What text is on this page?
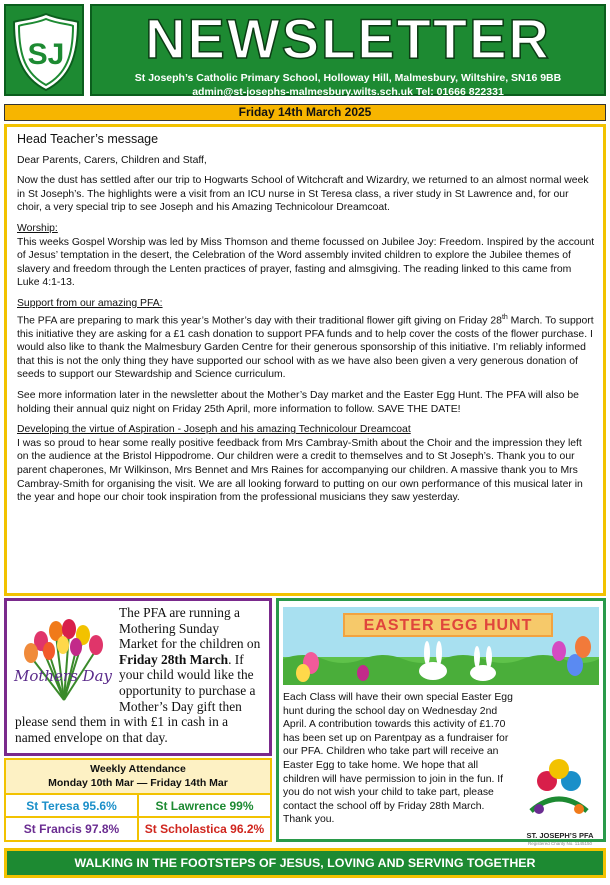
SJ	NEWSLETTER
St Joseph’s Catholic Primary School, Holloway Hill, Malmesbury, Wiltshire, SN16 9BB
admin@st-josephs-malmesbury.wilts.sch.uk Tel: 01666 822331
Friday 14th March 2025

Head Teacher’s message

Dear Parents, Carers, Children and Staff,

Now the dust has settled after our trip to Hogwarts School of Witchcraft and Wizardry, we returned to an almost normal week in St Joseph’s. The highlights were a visit from an ICU nurse in St Teresa class, a river study in St Lawrence and, for our choir, a very special trip to see Joseph and his Amazing Technicolour Dreamcoat.

Worship:

This weeks Gospel Worship was led by Miss Thomson and theme focussed on Jubilee Joy: Freedom. Inspired by the account of Jesus’ temptation in the desert, the Celebration of the Word assembly invited children to explore the Jubilee themes of slavery and freedom through the Lenten practices of prayer, fasting and almsgiving. The reading linked to this came from Luke 4:1-13.

Support from our amazing PFA:

The PFA are preparing to mark this year’s Mother’s day with their traditional flower gift giving on Friday 28th March. To support this initiative they are asking for a £1 cash donation to support PFA funds and to help cover the costs of the flower purchase. I would also like to thank the Malmesbury Garden Centre for their generous sponsorship of this initiative. I’m reliably informed that this is not the only thing they have supported our school with as we have also been given a very generous donation of seeds to support our Stewardship and Science curriculum.

See more information later in the newsletter about the Mother’s Day market and the Easter Egg Hunt. The PFA will also be holding their annual quiz night on Friday 25th April, more information to follow. SAVE THE DATE!

Developing the virtue of Aspiration - Joseph and his amazing Technicolour Dreamcoat

I was so proud to hear some really positive feedback from Mrs Cambray-Smith about the Choir and the impression they left on the audience at the Bristol Hippodrome. Our children were a credit to themselves and to St Joseph’s. Thank you to our parent chaperones, Mr Wilkinson, Mrs Bennet and Mrs Raines for accompanying our children. A massive thank you to Mrs Cambray-Smith for organising the visit. We are all looking forward to putting on our own performance of this musical later in the year and hope our choir took inspiration from the professional musicians they saw yesterday.

Mothers Day
The PFA are running a Mothering Sunday Market for the children on Friday 28th March. If your child would like the opportunity to purchase a Mother’s Day gift then please send them in with £1 in cash in a named envelope on that day.
Weekly Attendance
Monday 10th Mar — Friday 14th Mar
St Teresa 95.6%	St Lawrence 99%
St Francis 97.8%	St Scholastica 96.2%
EASTER EGG HUNT
Each Class will have their own special Easter Egg hunt during the school day on Wednesday 2nd April. A contribution towards this activity of £1.70 has been set up on Parentpay as a fundraiser for our PFA. Children who take part will receive an Easter Egg to take home. We hope that all children will have permission to join in the fun. If you do not wish your child to take part, please contact the school off by Friday 28th March. Thank you.
ST. JOSEPH’S PFA
Registered Charity No. 1145150
WALKING IN THE FOOTSTEPS OF JESUS, LOVING AND SERVING TOGETHER
